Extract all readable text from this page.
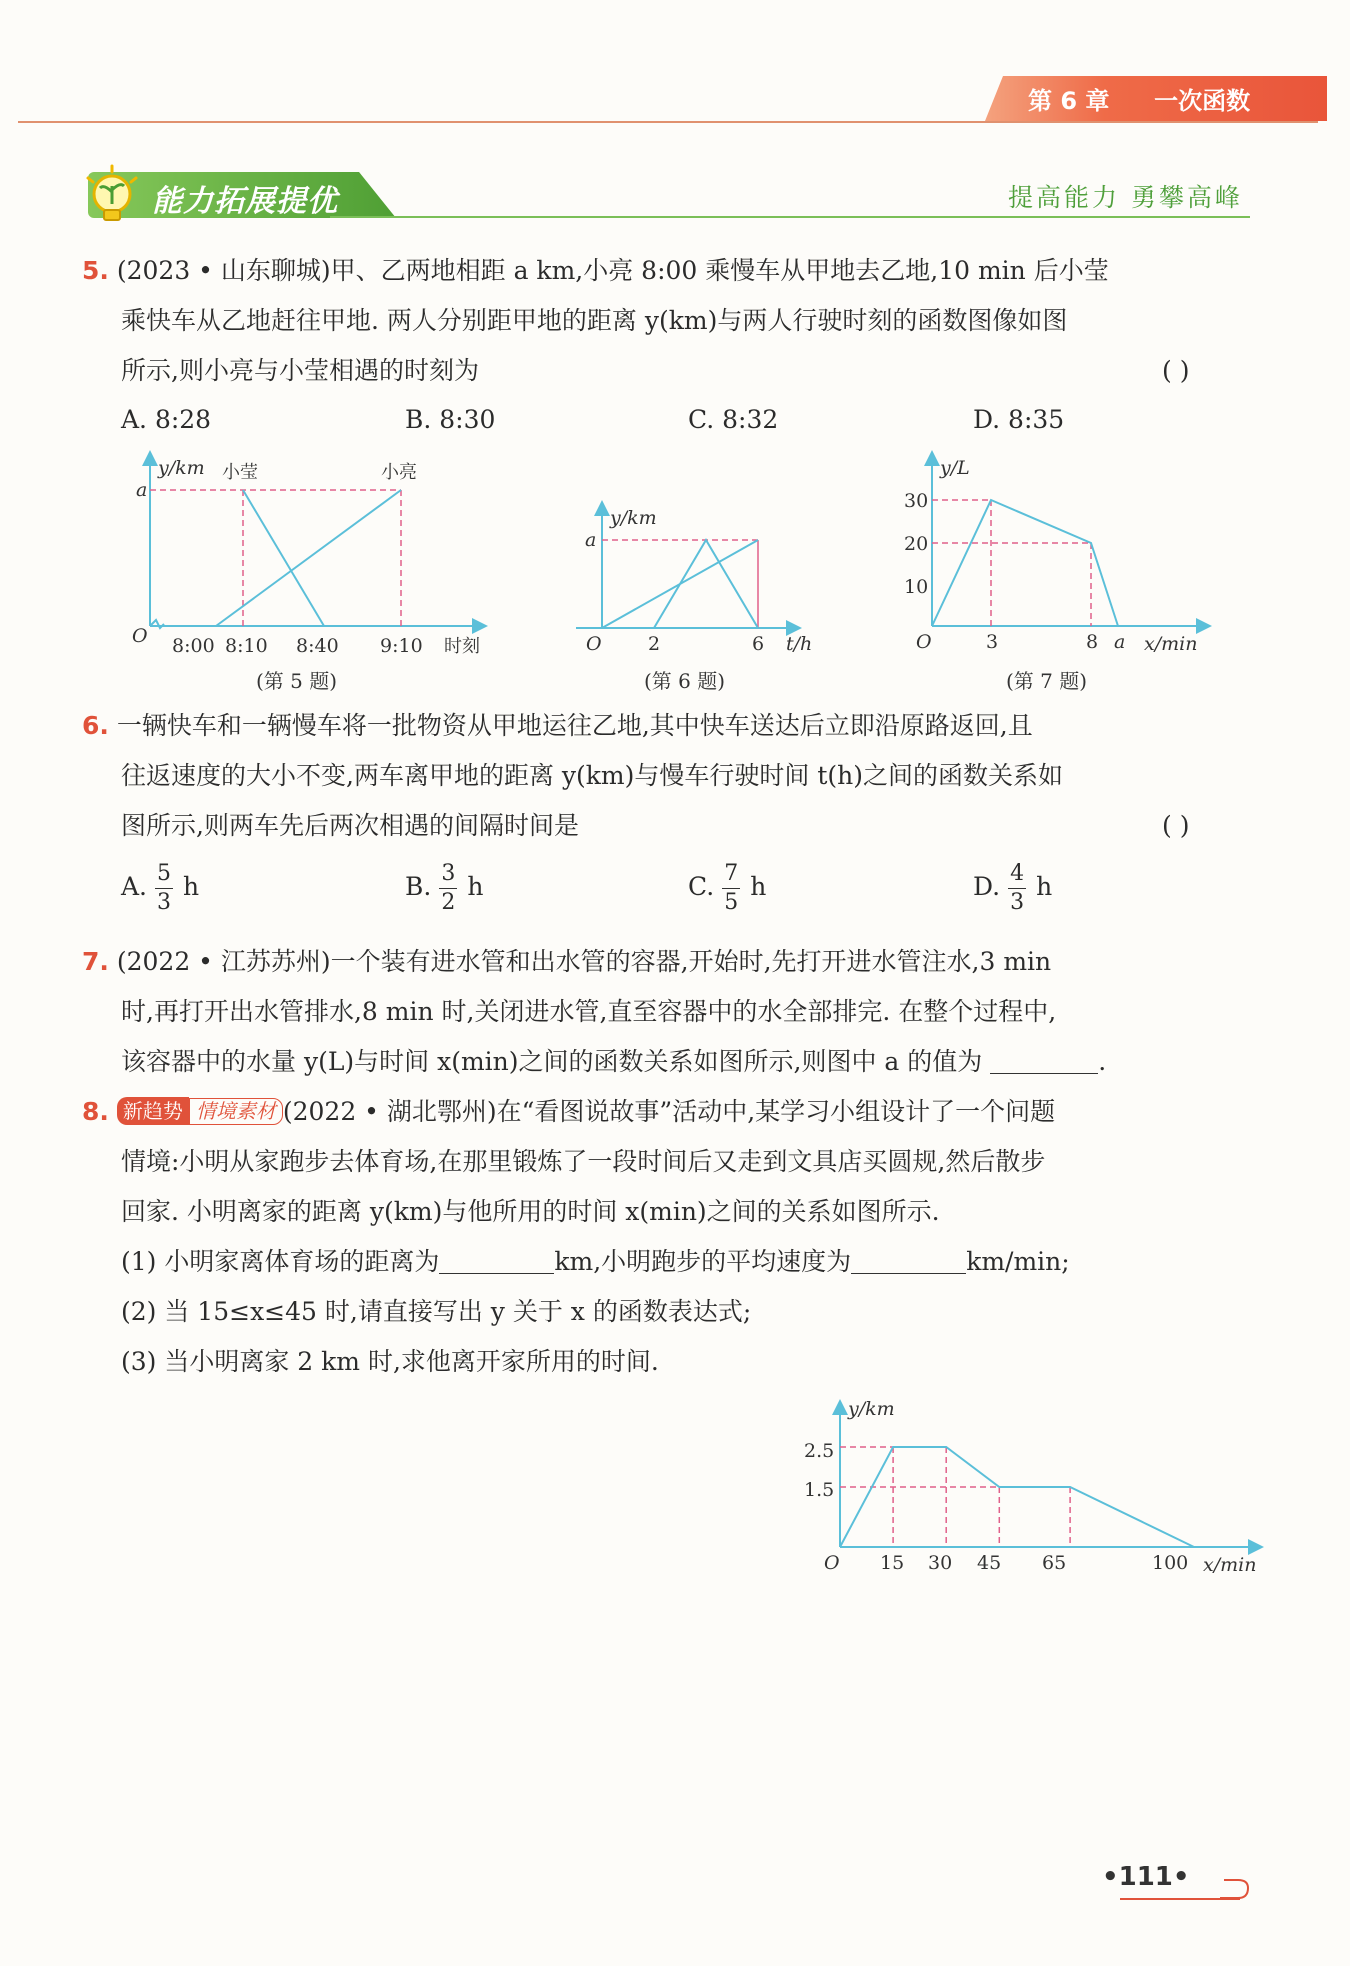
第 6 章 一次函数
能力拓展提优	提高能力 勇攀高峰
5. (2023 • 山东聊城)甲、乙两地相距 a km,小亮 8:00 乘慢车从甲地去乙地,10 min 后小莹
乘快车从乙地赶往甲地. 两人分别距甲地的距离 y(km)与两人行驶时刻的函数图像如图
所示,则小亮与小莹相遇的时刻为	( )
A. 8:28	B. 8:30	C. 8:32	D. 8:35
y/km
a
O
小莹	小亮
8:00 8:10 8:40 9:10 时刻
(第 5 题)
y/km
a
O 2	6 t/h
(第 6 题)
y/L
30
20
10
O	3	8 a x/min
(第 7 题)
6. 一辆快车和一辆慢车将一批物资从甲地运往乙地,其中快车送达后立即沿原路返回,且
往返速度的大小不变,两车离甲地的距离 y(km)与慢车行驶时间 t(h)之间的函数关系如
图所示,则两车先后两次相遇的间隔时间是	( )
A. $\frac{5}{3}$ h	B. $\frac{3}{2}$ h	C. $\frac{7}{5}$ h	D. $\frac{4}{3}$ h
7. (2022 • 江苏苏州)一个装有进水管和出水管的容器,开始时,先打开进水管注水,3 min
时,再打开出水管排水,8 min 时,关闭进水管,直至容器中的水全部排完. 在整个过程中,
该容器中的水量 y(L)与时间 x(min)之间的函数关系如图所示,则图中 a 的值为	.
8. 新趋势 情境素材 (2022 • 湖北鄂州)在“看图说故事”活动中,某学习小组设计了一个问题
情境:小明从家跑步去体育场,在那里锻炼了一段时间后又走到文具店买圆规,然后散步
回家. 小明离家的距离 y(km)与他所用的时间 x(min)之间的关系如图所示.
(1) 小明家离体育场的距离为	km,小明跑步的平均速度为	km/min;
(2) 当 15≤x≤45 时,请直接写出 y 关于 x 的函数表达式;
(3) 当小明离家 2 km 时,求他离开家所用的时间.
y/km
2.5
1.5
O 15 30 45 65	100 x/min
•111•
